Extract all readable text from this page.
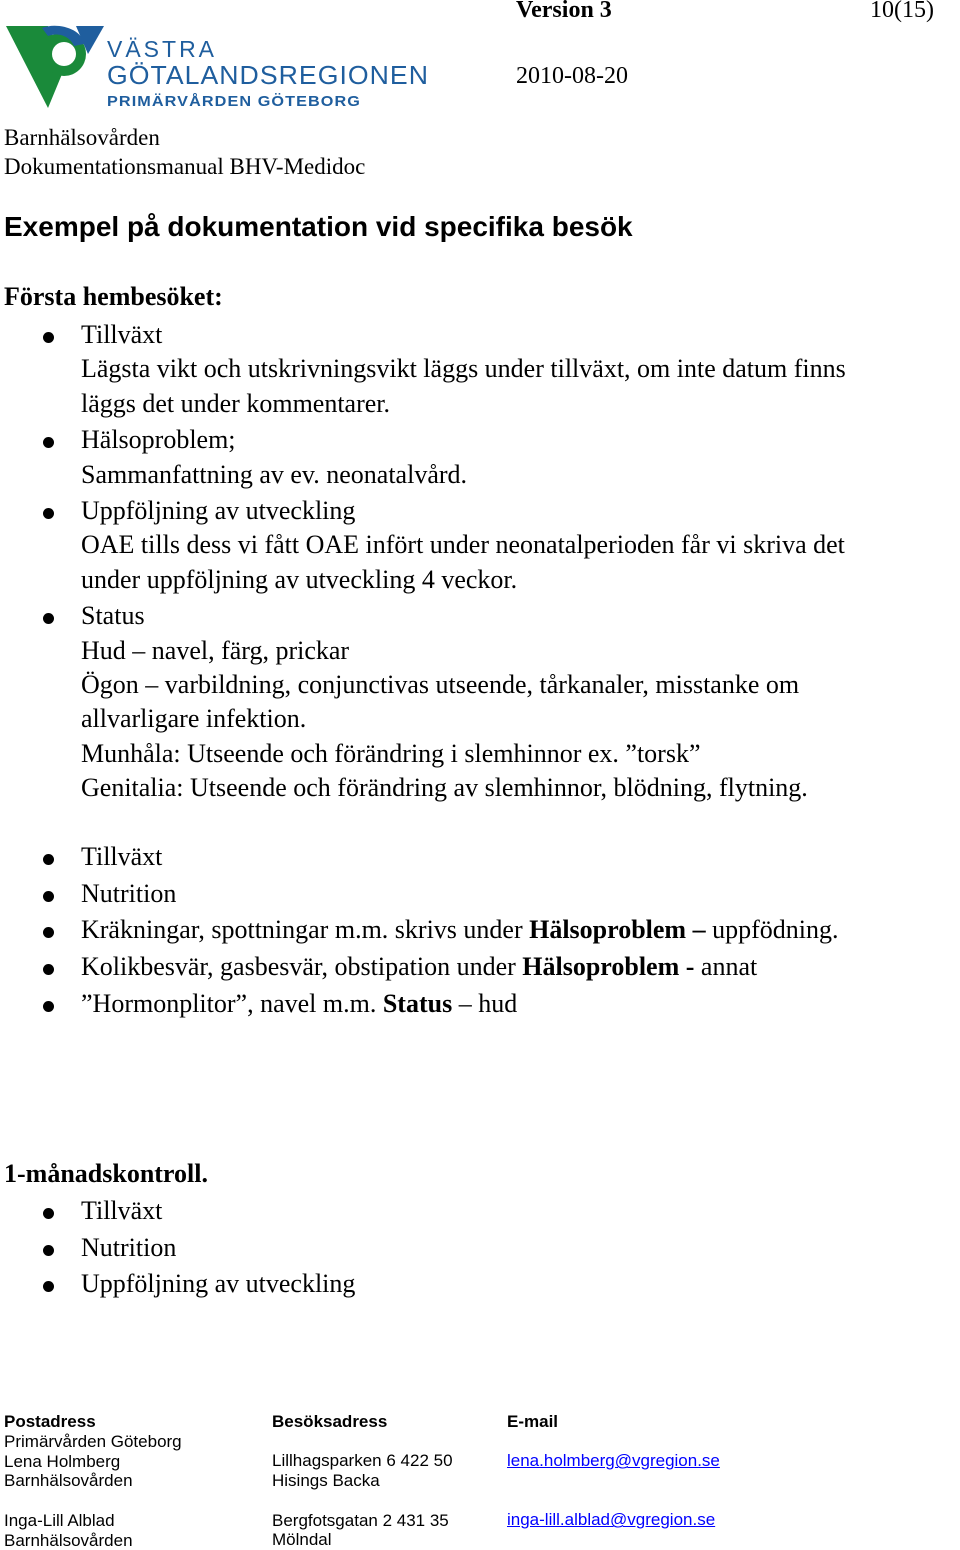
VÄSTRA
GÖTALANDSREGIONEN
PRIMÄRVÅRDEN GÖTEBORG
Version 3	10(15)
2010-08-20
Barnhälsovården
Dokumentationsmanual BHV-Medidoc
Exempel på dokumentation vid specifika besök
Första hembesöket:
Tillväxt
Lägsta vikt och utskrivningsvikt läggs under tillväxt, om inte datum finns
läggs det under kommentarer.
Hälsoproblem;
Sammanfattning av ev. neonatalvård.
Uppföljning av utveckling
OAE tills dess vi fått OAE infört under neonatalperioden får vi skriva det
under uppföljning av utveckling 4 veckor.
Status
Hud – navel, färg, prickar
Ögon – varbildning, conjunctivas utseende, tårkanaler, misstanke om
allvarligare infektion.
Munhåla: Utseende och förändring i slemhinnor ex. ”torsk”
Genitalia: Utseende och förändring av slemhinnor, blödning, flytning.
Tillväxt
Nutrition
Kräkningar, spottningar m.m. skrivs under Hälsoproblem – uppfödning.
Kolikbesvär, gasbesvär, obstipation under Hälsoproblem - annat
”Hormonplitor”, navel m.m. Status – hud
1-månadskontroll.
Tillväxt
Nutrition
Uppföljning av utveckling
Postadress
Primärvården Göteborg
Lena Holmberg
Barnhälsovården
Inga-Lill Alblad
Barnhälsovården
Besöksadress
Lillhagsparken 6 422 50
Hisings Backa
Bergfotsgatan 2 431 35
Mölndal
E-mail
lena.holmberg@vgregion.se
inga-lill.alblad@vgregion.se
